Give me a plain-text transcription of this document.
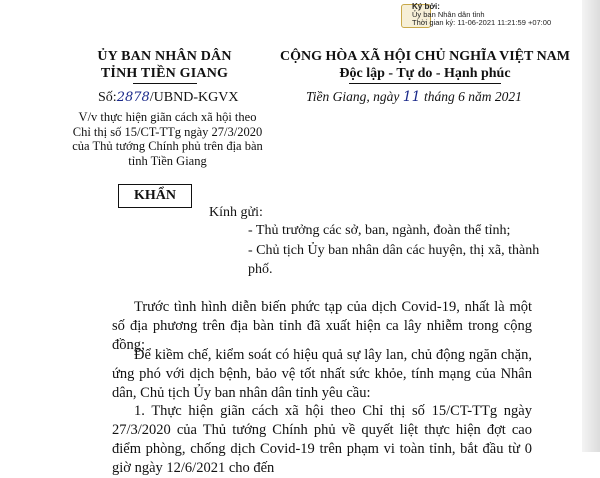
Ký bởi:
Ủy ban Nhân dân tỉnh
Thời gian ký: 11-06-2021 11:21:59 +07:00
ỦY BAN NHÂN DÂN
TỈNH TIỀN GIANG
Số:2878/UBND-KGVX
V/v thực hiện giãn cách xã hội theo Chỉ thị số 15/CT-TTg ngày 27/3/2020 của Thủ tướng Chính phủ trên địa bàn tỉnh Tiền Giang
CỘNG HÒA XÃ HỘI CHỦ NGHĨA VIỆT NAM
Độc lập - Tự do - Hạnh phúc
Tiền Giang, ngày 11 tháng 6 năm 2021
KHẨN
Kính gửi:
- Thủ trưởng các sở, ban, ngành, đoàn thể tỉnh;
- Chủ tịch Ủy ban nhân dân các huyện, thị xã, thành phố.
Trước tình hình diễn biến phức tạp của dịch Covid-19, nhất là một số địa phương trên địa bàn tỉnh đã xuất hiện ca lây nhiễm trong cộng đồng;
Để kiềm chế, kiểm soát có hiệu quả sự lây lan, chủ động ngăn chặn, ứng phó với dịch bệnh, bảo vệ tốt nhất sức khỏe, tính mạng của Nhân dân, Chủ tịch Ủy ban nhân dân tỉnh yêu cầu:
1. Thực hiện giãn cách xã hội theo Chỉ thị số 15/CT-TTg ngày 27/3/2020 của Thủ tướng Chính phủ về quyết liệt thực hiện đợt cao điểm phòng, chống dịch Covid-19 trên phạm vi toàn tỉnh, bắt đầu từ 0 giờ ngày 12/6/2021 cho đến
